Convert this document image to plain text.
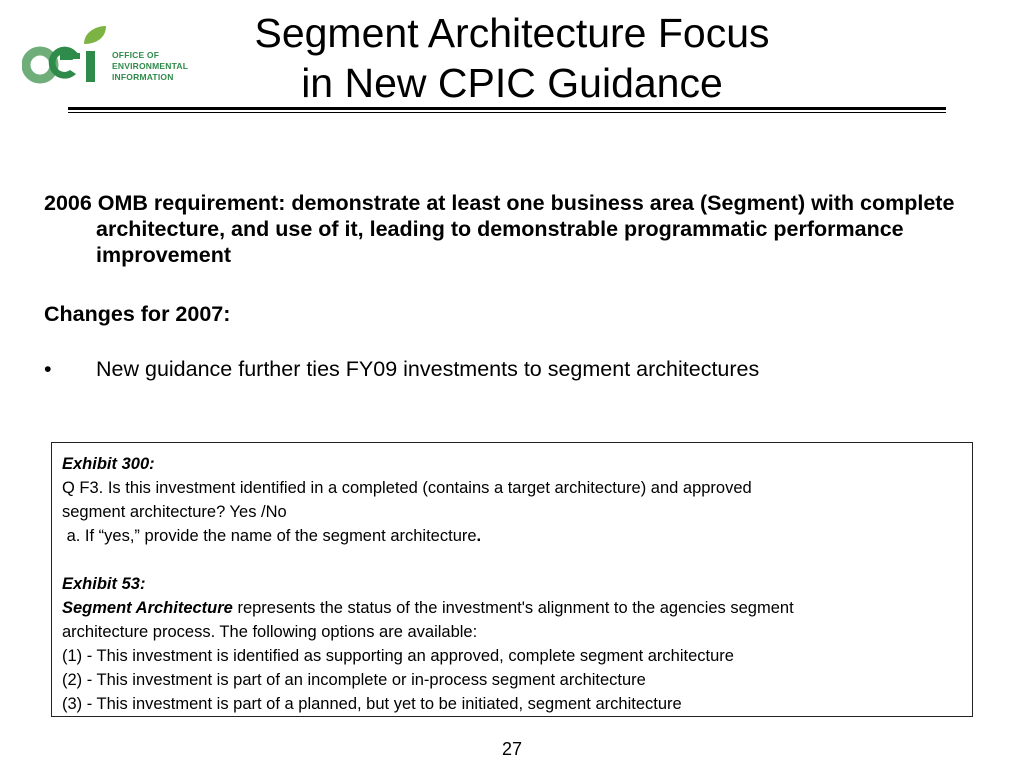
OFFICE OF
ENVIRONMENTAL
INFORMATION
Segment Architecture Focus
in New CPIC Guidance
2006 OMB requirement: demonstrate at least one business area (Segment) with complete architecture, and use of it, leading to demonstrable programmatic performance improvement
Changes for 2007:
• New guidance further ties FY09 investments to segment architectures
Exhibit 300:
Q F3. Is this investment identified in a completed (contains a target architecture) and approved
segment architecture? Yes /No
a. If “yes,” provide the name of the segment architecture.
Exhibit 53:
Segment Architecture represents the status of the investment's alignment to the agencies segment
architecture process. The following options are available:
(1) - This investment is identified as supporting an approved, complete segment architecture
(2) - This investment is part of an incomplete or in-process segment architecture
(3) - This investment is part of a planned, but yet to be initiated, segment architecture
27
